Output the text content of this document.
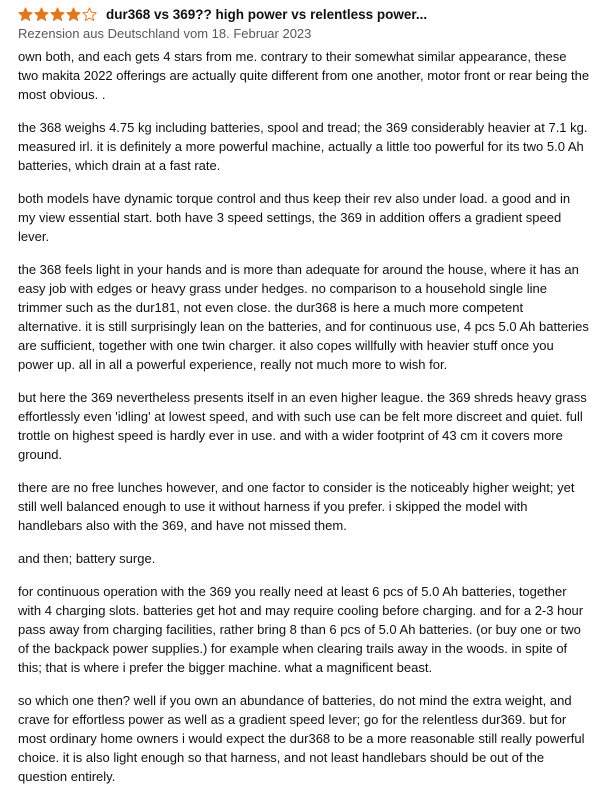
dur368 vs 369?? high power vs relentless power...
Rezension aus Deutschland vom 18. Februar 2023

own both, and each gets 4 stars from me. contrary to their somewhat similar appearance, these two makita 2022 offerings are actually quite different from one another, motor front or rear being the most obvious. .

the 368 weighs 4.75 kg including batteries, spool and tread; the 369 considerably heavier at 7.1 kg. measured irl. it is definitely a more powerful machine, actually a little too powerful for its two 5.0 Ah batteries, which drain at a fast rate.

both models have dynamic torque control and thus keep their rev also under load. a good and in my view essential start. both have 3 speed settings, the 369 in addition offers a gradient speed lever.

the 368 feels light in your hands and is more than adequate for around the house, where it has an easy job with edges or heavy grass under hedges. no comparison to a household single line trimmer such as the dur181, not even close. the dur368 is here a much more competent alternative. it is still surprisingly lean on the batteries, and for continuous use, 4 pcs 5.0 Ah batteries are sufficient, together with one twin charger. it also copes willfully with heavier stuff once you power up. all in all a powerful experience, really not much more to wish for.

but here the 369 nevertheless presents itself in an even higher league. the 369 shreds heavy grass effortlessly even 'idling' at lowest speed, and with such use can be felt more discreet and quiet. full trottle on highest speed is hardly ever in use. and with a wider footprint of 43 cm it covers more ground.

there are no free lunches however, and one factor to consider is the noticeably higher weight; yet still well balanced enough to use it without harness if you prefer. i skipped the model with handlebars also with the 369, and have not missed them.

and then; battery surge.

for continuous operation with the 369 you really need at least 6 pcs of 5.0 Ah batteries, together with 4 charging slots. batteries get hot and may require cooling before charging. and for a 2-3 hour pass away from charging facilities, rather bring 8 than 6 pcs of 5.0 Ah batteries. (or buy one or two of the backpack power supplies.) for example when clearing trails away in the woods. in spite of this; that is where i prefer the bigger machine. what a magnificent beast.

so which one then? well if you own an abundance of batteries, do not mind the extra weight, and crave for effortless power as well as a gradient speed lever; go for the relentless dur369. but for most ordinary home owners i would expect the dur368 to be a more reasonable still really powerful choice. it is also light enough so that harness, and not least handlebars should be out of the question entirely.
